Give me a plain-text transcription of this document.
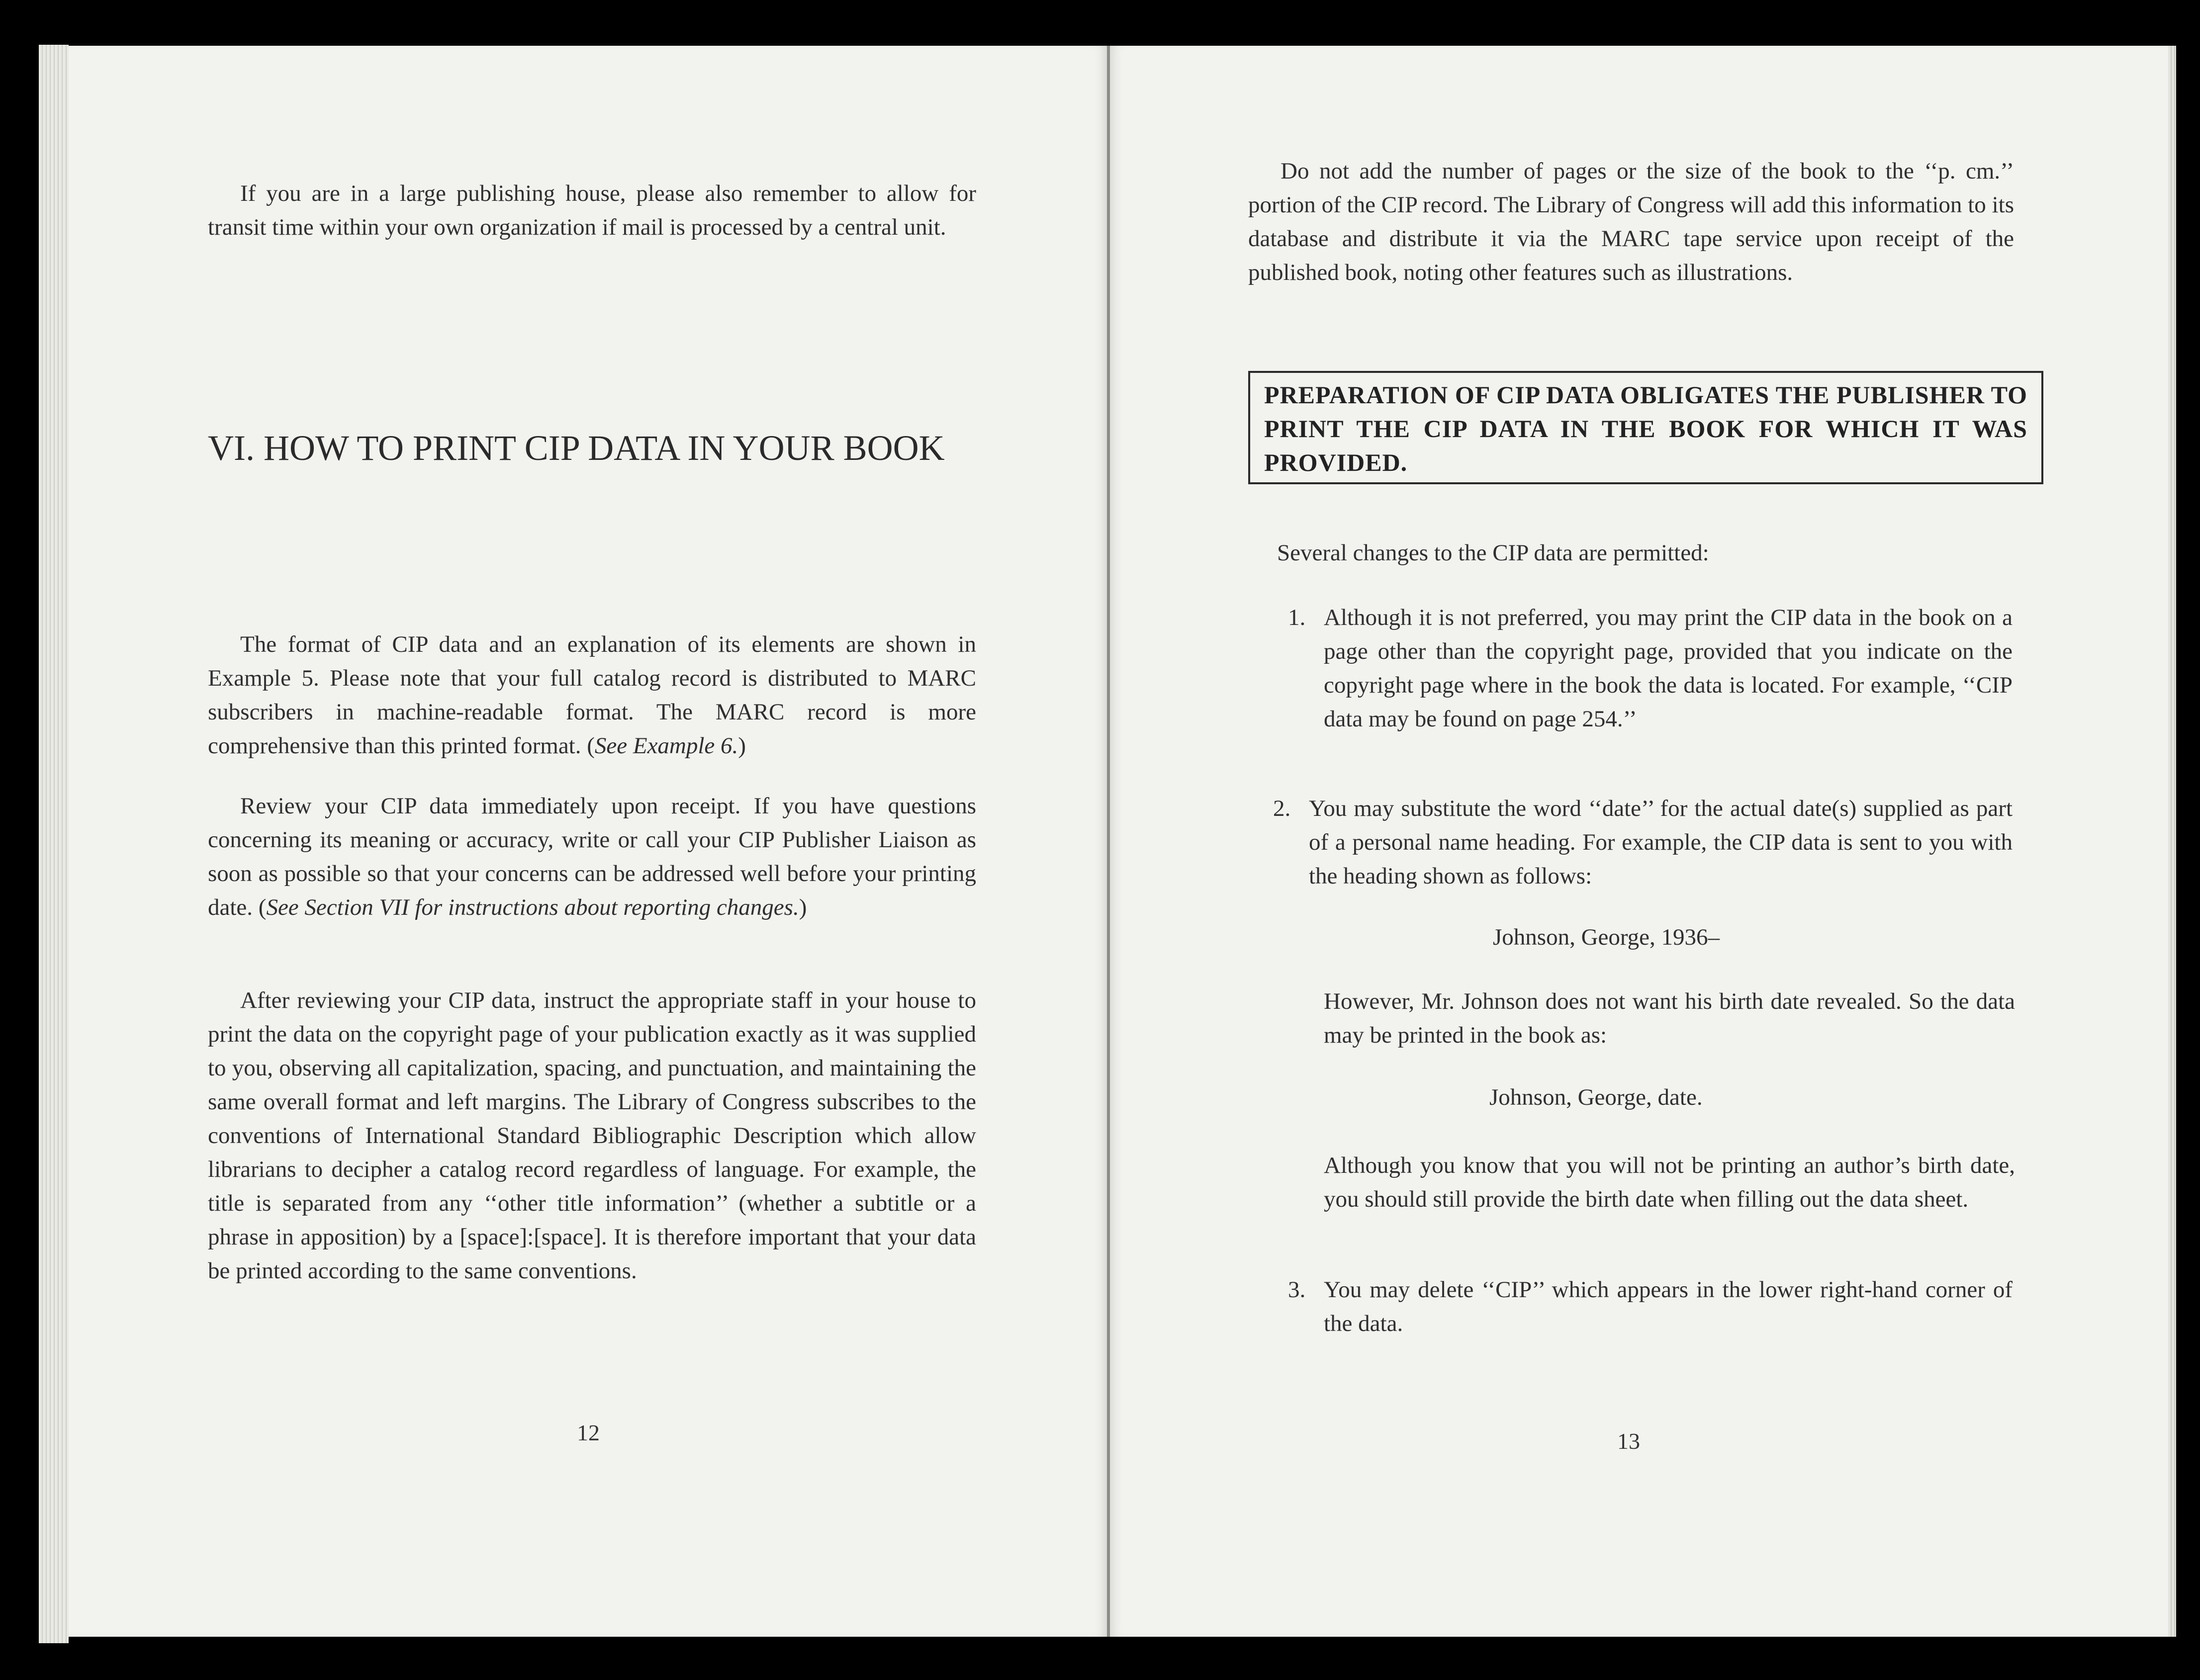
If you are in a large publishing house, please also remember to allow for transit time within your own organization if mail is processed by a central unit.

VI. HOW TO PRINT CIP DATA IN YOUR BOOK

The format of CIP data and an explanation of its elements are shown in Example 5. Please note that your full catalog record is distributed to MARC subscribers in machine-readable format. The MARC record is more comprehensive than this printed format. (See Example 6.)

Review your CIP data immediately upon receipt. If you have questions concerning its meaning or accuracy, write or call your CIP Publisher Liaison as soon as possible so that your concerns can be addressed well before your printing date. (See Section VII for instructions about reporting changes.)

After reviewing your CIP data, instruct the appropriate staff in your house to print the data on the copyright page of your publication exactly as it was supplied to you, observing all capitalization, spacing, and punctuation, and maintaining the same overall format and left margins. The Library of Congress subscribes to the conventions of International Standard Bibliographic Description which allow librarians to decipher a catalog record regardless of language. For example, the title is separated from any ‘‘other title information’’ (whether a subtitle or a phrase in apposition) by a [space]:[space]. It is therefore important that your data be printed according to the same conventions.

12

Do not add the number of pages or the size of the book to the ‘‘p. cm.’’ portion of the CIP record. The Library of Congress will add this information to its database and distribute it via the MARC tape service upon receipt of the published book, noting other features such as illustrations.

PREPARATION OF CIP DATA OBLIGATES THE PUBLISHER TO PRINT THE CIP DATA IN THE BOOK FOR WHICH IT WAS PROVIDED.
Several changes to the CIP data are permitted:
1. Although it is not preferred, you may print the CIP data in the book on a page other than the copyright page, provided that you indicate on the copyright page where in the book the data is located. For example, ‘‘CIP data may be found on page 254.’’
2. You may substitute the word ‘‘date’’ for the actual date(s) supplied as part of a personal name heading. For example, the CIP data is sent to you with the heading shown as follows:
Johnson, George, 1936–
However, Mr. Johnson does not want his birth date revealed. So the data may be printed in the book as:
Johnson, George, date.
Although you know that you will not be printing an author’s birth date, you should still provide the birth date when filling out the data sheet.
3. You may delete ‘‘CIP’’ which appears in the lower right-hand corner of the data.
13
